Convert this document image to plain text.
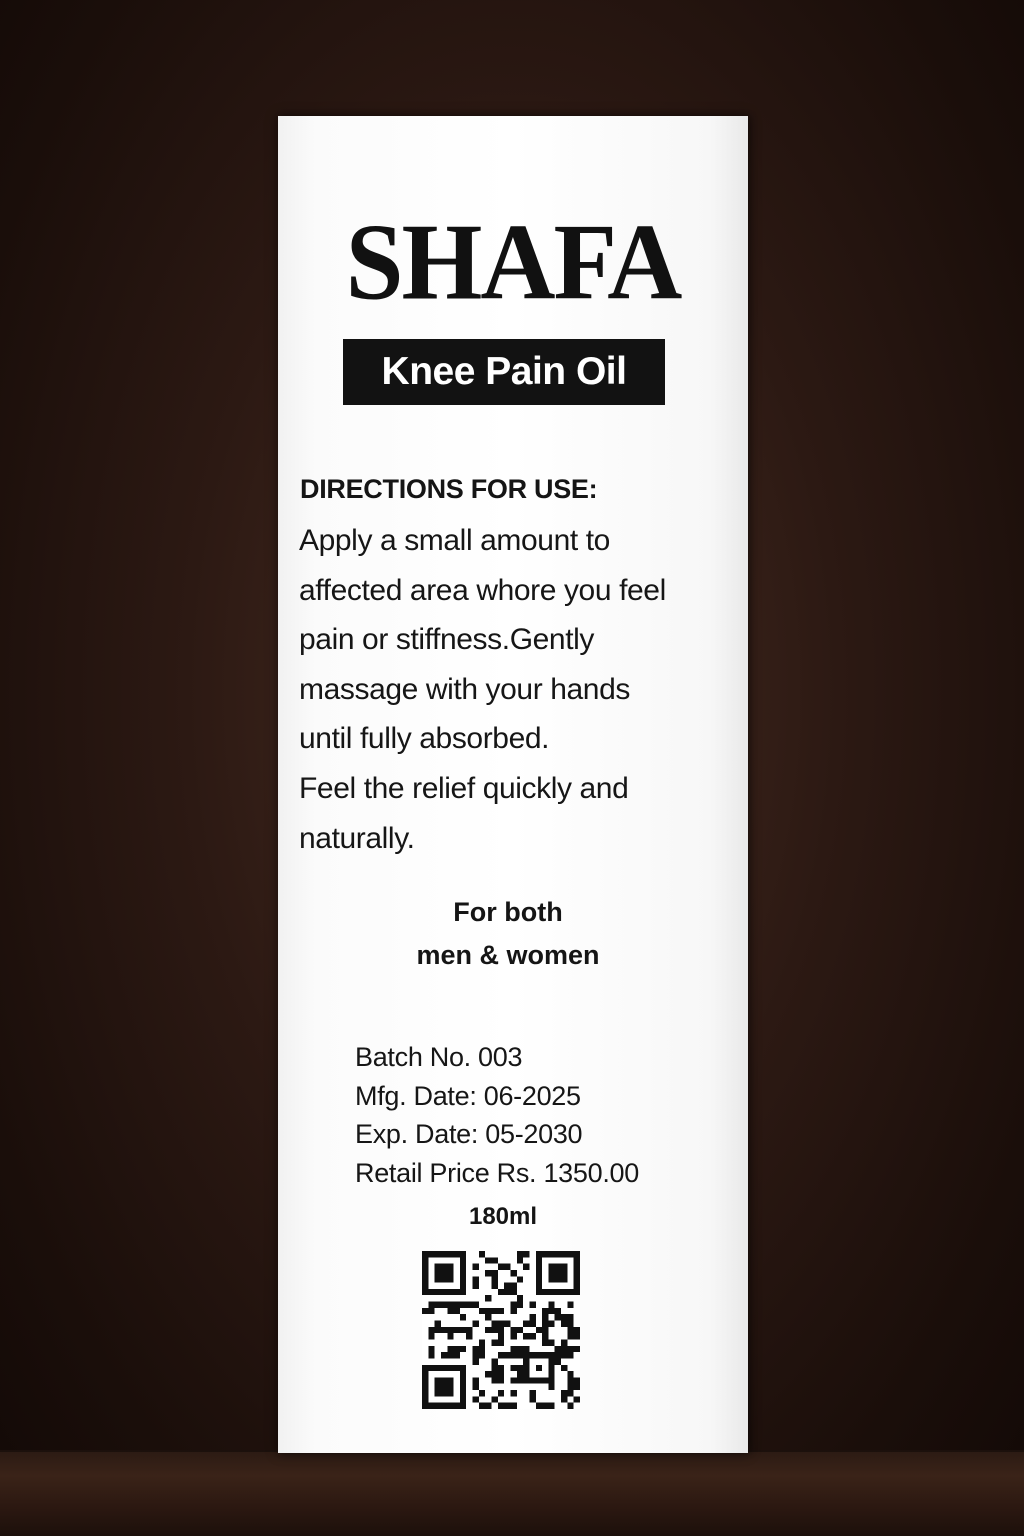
SHAFA
Knee Pain Oil
DIRECTIONS FOR USE:
Apply a small amount to
affected area whore you feel
pain or stiffness.Gently
massage with your hands
until fully absorbed.
Feel the relief quickly and
naturally.
For both
men & women
Batch No. 003
Mfg. Date: 06-2025
Exp. Date: 05-2030
Retail Price Rs. 1350.00
180ml
